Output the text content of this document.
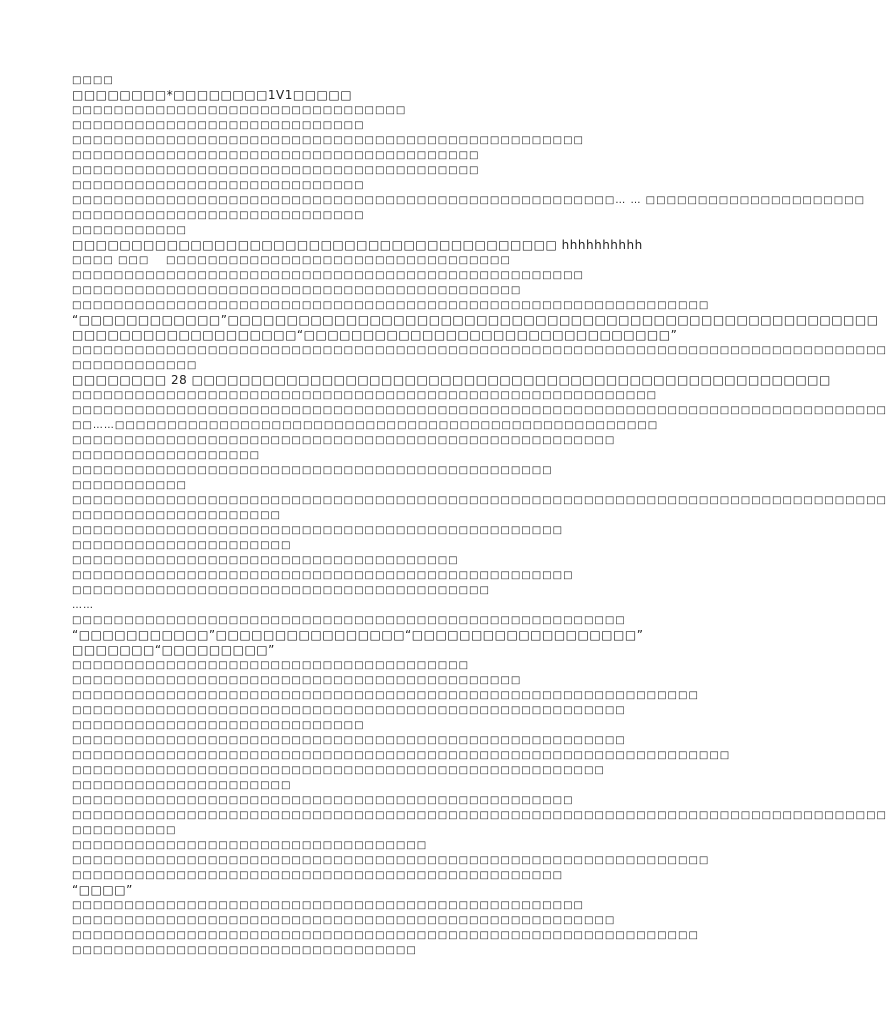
□□□□
□□□□□□□□*□□□□□□□□1V1□□□□□
□□□□□□□□□□□□□□□□□□□□□□□□□□□□□□□□
□□□□□□□□□□□□□□□□□□□□□□□□□□□□
□□□□□□□□□□□□□□□□□□□□□□□□□□□□□□□□□□□□□□□□□□□□□□□□□
□□□□□□□□□□□□□□□□□□□□□□□□□□□□□□□□□□□□□□□
□□□□□□□□□□□□□□□□□□□□□□□□□□□□□□□□□□□□□□□
□□□□□□□□□□□□□□□□□□□□□□□□□□□□
□□□□□□□□□□□□□□□□□□□□□□□□□□□□□□□□□□□□□□□□□□□□□□□□□□□□… … □□□□□□□□□□□□□□□□□□□□□
□□□□□□□□□□□□□□□□□□□□□□□□□□□□
□□□□□□□□□□□
□□□□□□□□□□□□□□□□□□□□□□□□□□□□□□□□□□□□□□□□□ hhhhhhhhhh
□□□□ □□□    □□□□□□□□□□□□□□□□□□□□□□□□□□□□□□□□□
□□□□□□□□□□□□□□□□□□□□□□□□□□□□□□□□□□□□□□□□□□□□□□□□□
□□□□□□□□□□□□□□□□□□□□□□□□□□□□□□□□□□□□□□□□□□□
□□□□□□□□□□□□□□□□□□□□□□□□□□□□□□□□□□□□□□□□□□□□□□□□□□□□□□□□□□□□□
“□□□□□□□□□□□□”□□□□□□□□□□□□□□□□□□□□□□□□□□□□□□□□□□□□□□□□□□□□□□□□□□□□□□□
□□□□□□□□□□□□□□□□□□□“□□□□□□□□□□□□□□□□□□□□□□□□□□□□□□□”
□□□□□□□□□□□□□□□□□□□□□□□□□□□□□□□□□□□□□□□□□□□□□□□□□□□□□□□□□□□□□□□□□□□□□□□□□□□□□□
□□□□□□□□□□□□
□□□□□□□□ 28 □□□□□□□□□□□□□□□□□□□□□□□□□□□□□□□□□□□□□□□□□□□□□□□□□□□□□□
□□□□□□□□□□□□□□□□□□□□□□□□□□□□□□□□□□□□□□□□□□□□□□□□□□□□□□□□
□□□□□□□□□□□□□□□□□□□□□□□□□□□□□□□□□□□□□□□□□□□□□□□□□□□□□□□□□□□□□□□□□□□□□□□□□□□□□□
□□……□□□□□□□□□□□□□□□□□□□□□□□□□□□□□□□□□□□□□□□□□□□□□□□□□□□□
□□□□□□□□□□□□□□□□□□□□□□□□□□□□□□□□□□□□□□□□□□□□□□□□□□□□
□□□□□□□□□□□□□□□□□□
□□□□□□□□□□□□□□□□□□□□□□□□□□□□□□□□□□□□□□□□□□□□□□
□□□□□□□□□□□
□□□□□□□□□□□□□□□□□□□□□□□□□□□□□□□□□□□□□□□□□□□□□□□□□□□□□□□□□□□□□□□□□□□□□□□□□□□□□□
□□□□□□□□□□□□□□□□□□□□
□□□□□□□□□□□□□□□□□□□□□□□□□□□□□□□□□□□□□□□□□□□□□□□
□□□□□□□□□□□□□□□□□□□□□
□□□□□□□□□□□□□□□□□□□□□□□□□□□□□□□□□□□□□
□□□□□□□□□□□□□□□□□□□□□□□□□□□□□□□□□□□□□□□□□□□□□□□□
□□□□□□□□□□□□□□□□□□□□□□□□□□□□□□□□□□□□□□□□
……
□□□□□□□□□□□□□□□□□□□□□□□□□□□□□□□□□□□□□□□□□□□□□□□□□□□□□
“□□□□□□□□□□□”□□□□□□□□□□□□□□□□“□□□□□□□□□□□□□□□□□□□”
□□□□□□□“□□□□□□□□□”
□□□□□□□□□□□□□□□□□□□□□□□□□□□□□□□□□□□□□□
□□□□□□□□□□□□□□□□□□□□□□□□□□□□□□□□□□□□□□□□□□□
□□□□□□□□□□□□□□□□□□□□□□□□□□□□□□□□□□□□□□□□□□□□□□□□□□□□□□□□□□□□
□□□□□□□□□□□□□□□□□□□□□□□□□□□□□□□□□□□□□□□□□□□□□□□□□□□□□
□□□□□□□□□□□□□□□□□□□□□□□□□□□□
□□□□□□□□□□□□□□□□□□□□□□□□□□□□□□□□□□□□□□□□□□□□□□□□□□□□□
□□□□□□□□□□□□□□□□□□□□□□□□□□□□□□□□□□□□□□□□□□□□□□□□□□□□□□□□□□□□□□□
□□□□□□□□□□□□□□□□□□□□□□□□□□□□□□□□□□□□□□□□□□□□□□□□□□□
□□□□□□□□□□□□□□□□□□□□□
□□□□□□□□□□□□□□□□□□□□□□□□□□□□□□□□□□□□□□□□□□□□□□□□
□□□□□□□□□□□□□□□□□□□□□□□□□□□□□□□□□□□□□□□□□□□□□□□□□□□□□□□□□□□□□□□□□□□□□□□□□□□□□□
□□□□□□□□□□
□□□□□□□□□□□□□□□□□□□□□□□□□□□□□□□□□□
□□□□□□□□□□□□□□□□□□□□□□□□□□□□□□□□□□□□□□□□□□□□□□□□□□□□□□□□□□□□□
□□□□□□□□□□□□□□□□□□□□□□□□□□□□□□□□□□□□□□□□□□□□□□□
“□□□□”
□□□□□□□□□□□□□□□□□□□□□□□□□□□□□□□□□□□□□□□□□□□□□□□□□
□□□□□□□□□□□□□□□□□□□□□□□□□□□□□□□□□□□□□□□□□□□□□□□□□□□□
□□□□□□□□□□□□□□□□□□□□□□□□□□□□□□□□□□□□□□□□□□□□□□□□□□□□□□□□□□□□
□□□□□□□□□□□□□□□□□□□□□□□□□□□□□□□□□
